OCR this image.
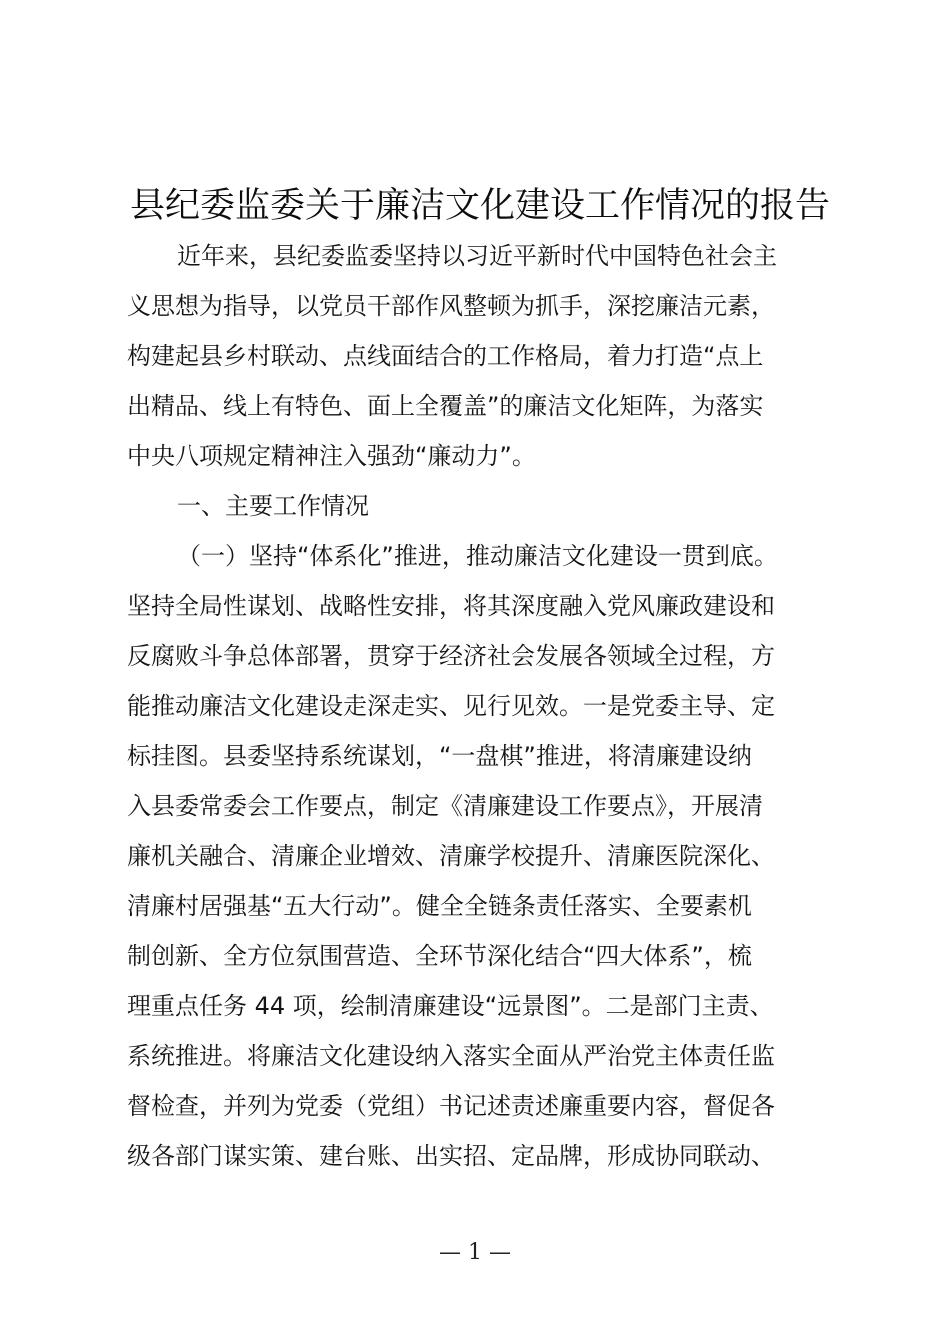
县纪委监委关于廉洁文化建设工作情况的报告
近年来，县纪委监委坚持以习近平新时代中国特色社会主
义思想为指导，以党员干部作风整顿为抓手，深挖廉洁元素，
构建起县乡村联动、点线面结合的工作格局，着力打造“点上
出精品、线上有特色、面上全覆盖”的廉洁文化矩阵，为落实
中央八项规定精神注入强劲“廉动力”。
一、主要工作情况
（一）坚持“体系化”推进，推动廉洁文化建设一贯到底。
坚持全局性谋划、战略性安排，将其深度融入党风廉政建设和
反腐败斗争总体部署，贯穿于经济社会发展各领域全过程，方
能推动廉洁文化建设走深走实、见行见效。一是党委主导、定
标挂图。县委坚持系统谋划，“一盘棋”推进，将清廉建设纳
入县委常委会工作要点，制定《清廉建设工作要点》，开展清
廉机关融合、清廉企业增效、清廉学校提升、清廉医院深化、
清廉村居强基“五大行动”。健全全链条责任落实、全要素机
制创新、全方位氛围营造、全环节深化结合“四大体系”，梳
理重点任务 44 项，绘制清廉建设“远景图”。二是部门主责、
系统推进。将廉洁文化建设纳入落实全面从严治党主体责任监
督检查，并列为党委（党组）书记述责述廉重要内容，督促各
级各部门谋实策、建台账、出实招、定品牌，形成协同联动、
— 1 —
